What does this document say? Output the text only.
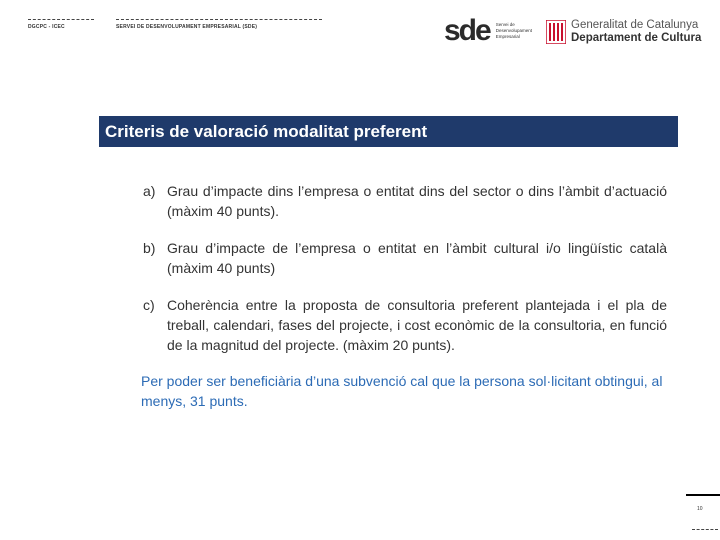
DGCPC - ICEC	SERVEI DE DESENVOLUPAMENT EMPRESARIAL (SDE)	sde Servei de
Desenvolupament
Empresarial
Generalitat de Catalunya
Departament de Cultura
Criteris de valoració modalitat preferent
a) Grau d’impacte dins l’empresa o entitat dins del sector o dins l’àmbit d’actuació (màxim 40 punts).
b) Grau d’impacte de l’empresa o entitat en l’àmbit cultural i/o lingüístic català (màxim 40 punts)
c) Coherència entre la proposta de consultoria preferent plantejada i el pla de treball, calendari, fases del projecte, i cost econòmic de la consultoria, en funció de la magnitud del projecte. (màxim 20 punts).
Per poder ser beneficiària d’una subvenció cal que la persona sol·licitant obtingui, al menys, 31 punts.
10
